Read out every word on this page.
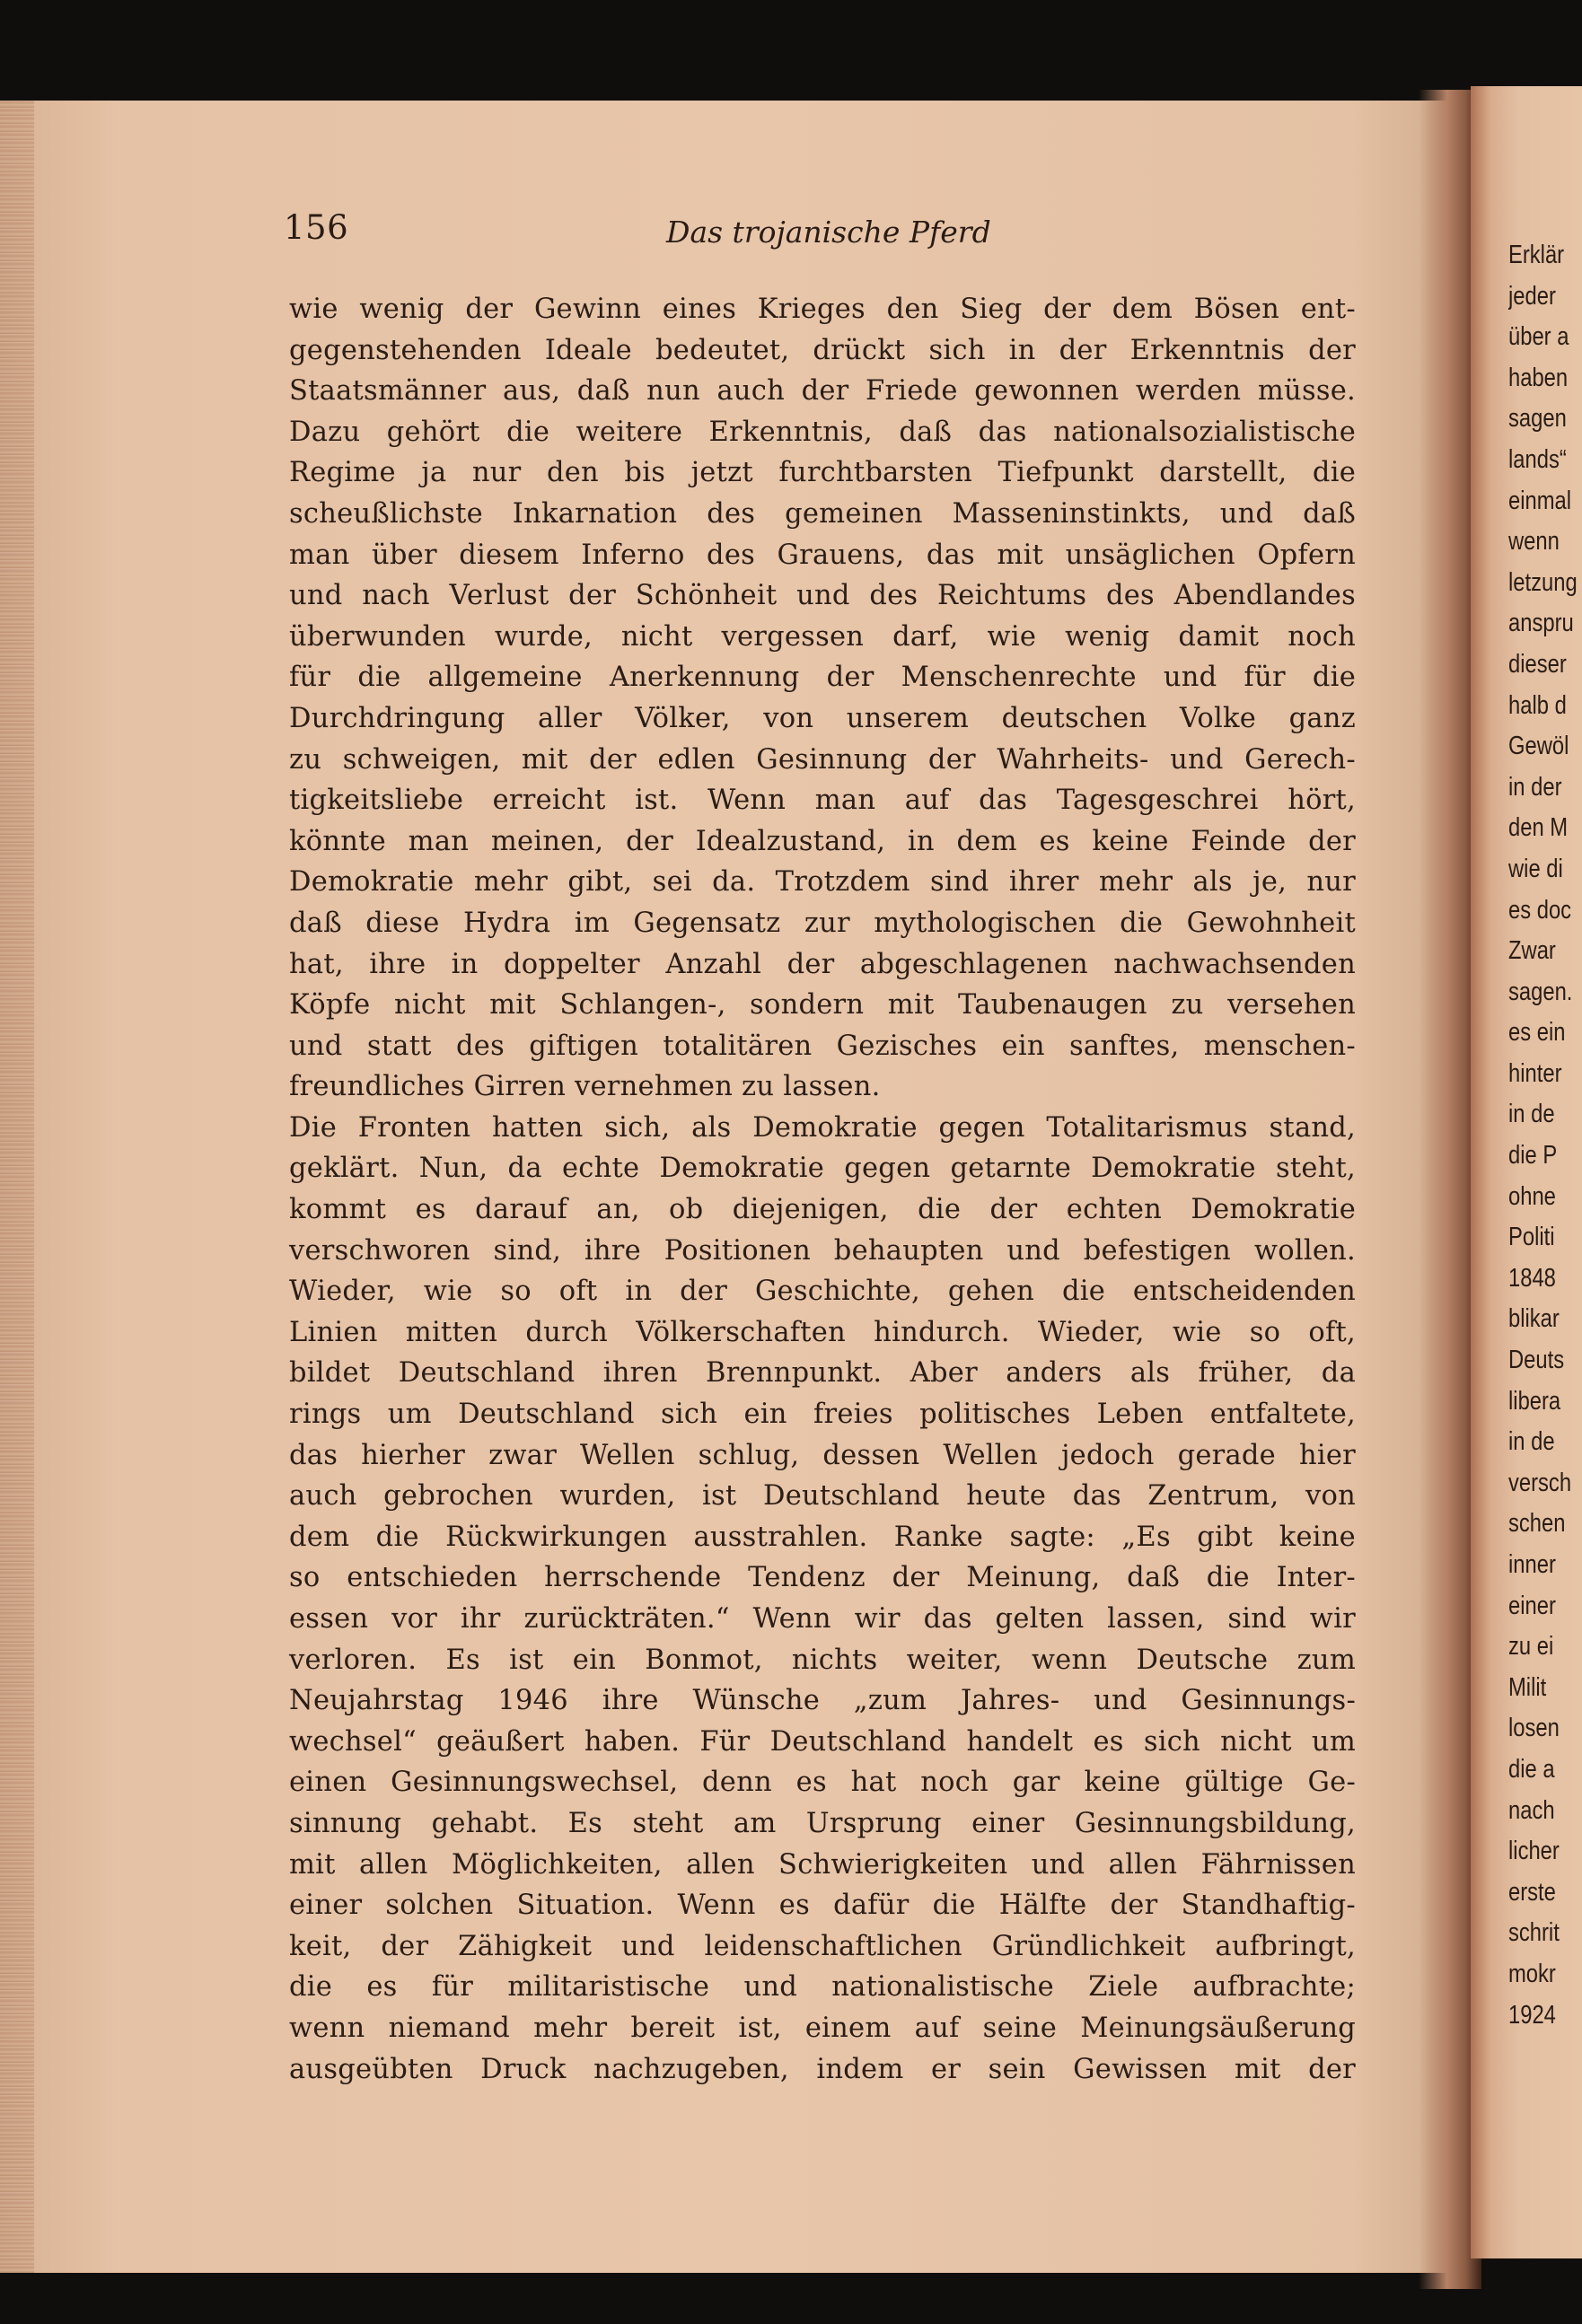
156	Das trojanische Pferd
wie wenig der Gewinn eines Krieges den Sieg der dem Bösen ent-
gegenstehenden Ideale bedeutet, drückt sich in der Erkenntnis der
Staatsmänner aus, daß nun auch der Friede gewonnen werden müsse.
Dazu gehört die weitere Erkenntnis, daß das nationalsozialistische
Regime ja nur den bis jetzt furchtbarsten Tiefpunkt darstellt, die
scheußlichste Inkarnation des gemeinen Masseninstinkts, und daß
man über diesem Inferno des Grauens, das mit unsäglichen Opfern
und nach Verlust der Schönheit und des Reichtums des Abendlandes
überwunden wurde, nicht vergessen darf, wie wenig damit noch
für die allgemeine Anerkennung der Menschenrechte und für die
Durchdringung aller Völker, von unserem deutschen Volke ganz
zu schweigen, mit der edlen Gesinnung der Wahrheits- und Gerech-
tigkeitsliebe erreicht ist. Wenn man auf das Tagesgeschrei hört,
könnte man meinen, der Idealzustand, in dem es keine Feinde der
Demokratie mehr gibt, sei da. Trotzdem sind ihrer mehr als je, nur
daß diese Hydra im Gegensatz zur mythologischen die Gewohnheit
hat, ihre in doppelter Anzahl der abgeschlagenen nachwachsenden
Köpfe nicht mit Schlangen-, sondern mit Taubenaugen zu versehen
und statt des giftigen totalitären Gezisches ein sanftes, menschen-
freundliches Girren vernehmen zu lassen.
Die Fronten hatten sich, als Demokratie gegen Totalitarismus stand,
geklärt. Nun, da echte Demokratie gegen getarnte Demokratie steht,
kommt es darauf an, ob diejenigen, die der echten Demokratie
verschworen sind, ihre Positionen behaupten und befestigen wollen.
Wieder, wie so oft in der Geschichte, gehen die entscheidenden
Linien mitten durch Völkerschaften hindurch. Wieder, wie so oft,
bildet Deutschland ihren Brennpunkt. Aber anders als früher, da
rings um Deutschland sich ein freies politisches Leben entfaltete,
das hierher zwar Wellen schlug, dessen Wellen jedoch gerade hier
auch gebrochen wurden, ist Deutschland heute das Zentrum, von
dem die Rückwirkungen ausstrahlen. Ranke sagte: „Es gibt keine
so entschieden herrschende Tendenz der Meinung, daß die Inter-
essen vor ihr zurückträten.“ Wenn wir das gelten lassen, sind wir
verloren. Es ist ein Bonmot, nichts weiter, wenn Deutsche zum
Neujahrstag 1946 ihre Wünsche „zum Jahres- und Gesinnungs-
wechsel“ geäußert haben. Für Deutschland handelt es sich nicht um
einen Gesinnungswechsel, denn es hat noch gar keine gültige Ge-
sinnung gehabt. Es steht am Ursprung einer Gesinnungsbildung,
mit allen Möglichkeiten, allen Schwierigkeiten und allen Fährnissen
einer solchen Situation. Wenn es dafür die Hälfte der Standhaftig-
keit, der Zähigkeit und leidenschaftlichen Gründlichkeit aufbringt,
die es für militaristische und nationalistische Ziele aufbrachte;
wenn niemand mehr bereit ist, einem auf seine Meinungsäußerung
ausgeübten Druck nachzugeben, indem er sein Gewissen mit der
Erklär
jeder
über a
haben
sagen
lands“
einmal
wenn
letzung
anspru
dieser
halb d
Gewöl
in der
den M
wie di
es doc
Zwar
sagen.
es ein
hinter
in de
die P
ohne
Politi
1848
blikar
Deuts
libera
in de
versch
schen
inner
einer
zu ei
Milit
losen
die a
nach
licher
erste
schrit
mokr
1924
